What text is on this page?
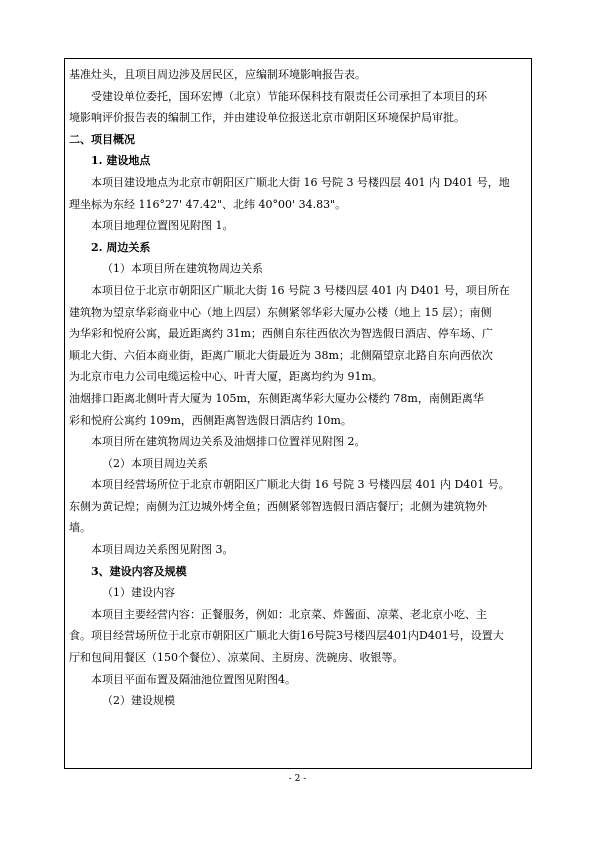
基准灶头，且项目周边涉及居民区，应编制环境影响报告表。
受建设单位委托，国环宏博（北京）节能环保科技有限责任公司承担了本项目的环
境影响评价报告表的编制工作，并由建设单位报送北京市朝阳区环境保护局审批。
二、项目概况
1. 建设地点
本项目建设地点为北京市朝阳区广顺北大街 16 号院 3 号楼四层 401 内 D401 号，地
理坐标为东经 116°27' 47.42"、北纬 40°00' 34.83"。
本项目地理位置图见附图 1。
2. 周边关系
（1）本项目所在建筑物周边关系
本项目位于北京市朝阳区广顺北大街 16 号院 3 号楼四层 401 内 D401 号，项目所在
建筑物为望京华彩商业中心（地上四层）东侧紧邻华彩大厦办公楼（地上 15 层）；南侧
为华彩和悦府公寓，最近距离约 31m；西侧自东往西依次为智选假日酒店、停车场、广
顺北大街、六佰本商业街，距离广顺北大街最近为 38m；北侧隔望京北路自东向西依次
为北京市电力公司电缆运检中心、叶青大厦，距离均约为 91m。
油烟排口距离北侧叶青大厦为 105m，东侧距离华彩大厦办公楼约 78m，南侧距离华
彩和悦府公寓约 109m，西侧距离智选假日酒店约 10m。
本项目所在建筑物周边关系及油烟排口位置祥见附图 2。
（2）本项目周边关系
本项目经营场所位于北京市朝阳区广顺北大街 16 号院 3 号楼四层 401 内 D401 号。
东侧为黄记煌；南侧为江边城外烤全鱼；西侧紧邻智选假日酒店餐厅；北侧为建筑物外
墙。
本项目周边关系图见附图 3。
3、建设内容及规模
（1）建设内容
本项目主要经营内容：正餐服务，例如：北京菜、炸酱面、凉菜、老北京小吃、主
食。项目经营场所位于北京市朝阳区广顺北大街16号院3号楼四层401内D401号，设置大
厅和包间用餐区（150个餐位）、凉菜间、主厨房、洗碗房、收银等。
本项目平面布置及隔油池位置图见附图4。
（2）建设规模
- 2 -
